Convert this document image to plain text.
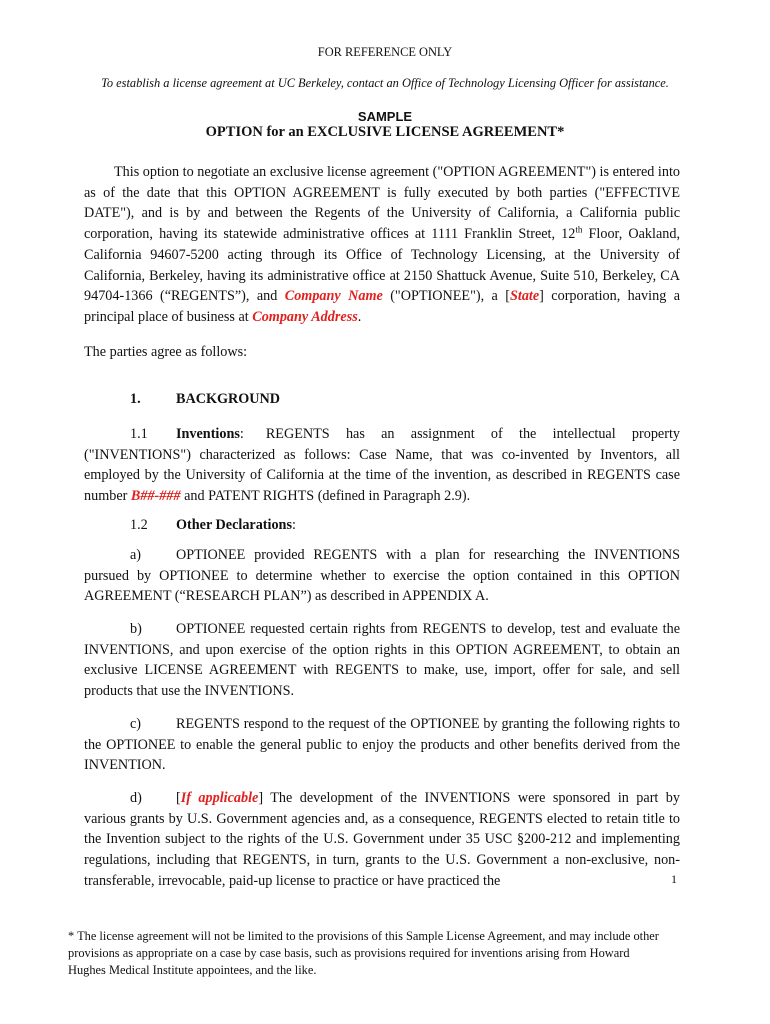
FOR REFERENCE ONLY
To establish a license agreement at UC Berkeley, contact an Office of Technology Licensing Officer for assistance.
SAMPLE
OPTION for an EXCLUSIVE LICENSE AGREEMENT*
This option to negotiate an exclusive license agreement ("OPTION AGREEMENT") is entered into as of the date that this OPTION AGREEMENT is fully executed by both parties ("EFFECTIVE DATE"), and is by and between the Regents of the University of California, a California public corporation, having its statewide administrative offices at 1111 Franklin Street, 12th Floor, Oakland, California 94607-5200 acting through its Office of Technology Licensing, at the University of California, Berkeley, having its administrative office at 2150 Shattuck Avenue, Suite 510, Berkeley, CA 94704-1366 (“REGENTS”), and Company Name ("OPTIONEE"), a [State] corporation, having a principal place of business at Company Address.
The parties agree as follows:
1. BACKGROUND
1.1 Inventions: REGENTS has an assignment of the intellectual property ("INVENTIONS") characterized as follows: Case Name, that was co-invented by Inventors, all employed by the University of California at the time of the invention, as described in REGENTS case number B##-### and PATENT RIGHTS (defined in Paragraph 2.9).
1.2 Other Declarations:
a) OPTIONEE provided REGENTS with a plan for researching the INVENTIONS pursued by OPTIONEE to determine whether to exercise the option contained in this OPTION AGREEMENT (“RESEARCH PLAN”) as described in APPENDIX A.
b) OPTIONEE requested certain rights from REGENTS to develop, test and evaluate the INVENTIONS, and upon exercise of the option rights in this OPTION AGREEMENT, to obtain an exclusive LICENSE AGREEMENT with REGENTS to make, use, import, offer for sale, and sell products that use the INVENTIONS.
c) REGENTS respond to the request of the OPTIONEE by granting the following rights to the OPTIONEE to enable the general public to enjoy the products and other benefits derived from the INVENTION.
d) [If applicable] The development of the INVENTIONS were sponsored in part by various grants by U.S. Government agencies and, as a consequence, REGENTS elected to retain title to the Invention subject to the rights of the U.S. Government under 35 USC §200-212 and implementing regulations, including that REGENTS, in turn, grants to the U.S. Government a non-exclusive, non-transferable, irrevocable, paid-up license to practice or have practiced the	1
* The license agreement will not be limited to the provisions of this Sample License Agreement, and may include other provisions as appropriate on a case by case basis, such as provisions required for inventions arising from Howard Hughes Medical Institute appointees, and the like.
